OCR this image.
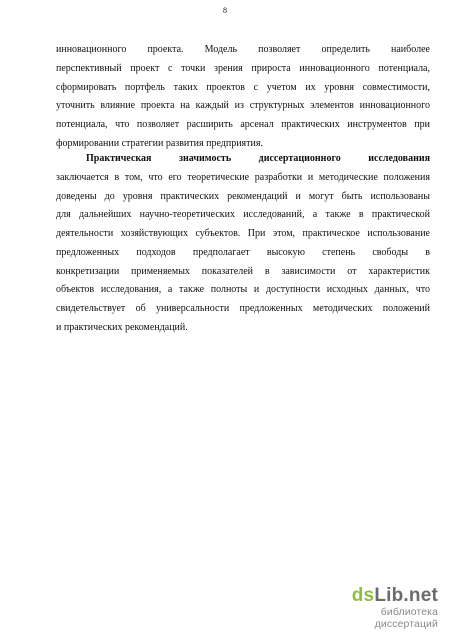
8
инновационного проекта. Модель позволяет определить наиболее
перспективный проект с точки зрения прироста инновационного потенциала,
сформировать портфель таких проектов с учетом их уровня совместимости,
уточнить влияние проекта на каждый из структурных элементов инновационного
потенциала, что позволяет расширить арсенал практических инструментов при
формировании стратегии развития предприятия.
Практическая значимость диссертационного исследования
заключается в том, что его теоретические разработки и методические положения
доведены до уровня практических рекомендаций и могут быть использованы
для дальнейших научно-теоретических исследований, а также в практической
деятельности хозяйствующих субъектов. При этом, практическое использование
предложенных подходов предполагает высокую степень свободы в
конкретизации применяемых показателей в зависимости от характеристик
объектов исследования, а также полноты и доступности исходных данных, что
свидетельствует об универсальности предложенных методических положений
и практических рекомендаций.
dsLib.net
библиотека диссертаций
